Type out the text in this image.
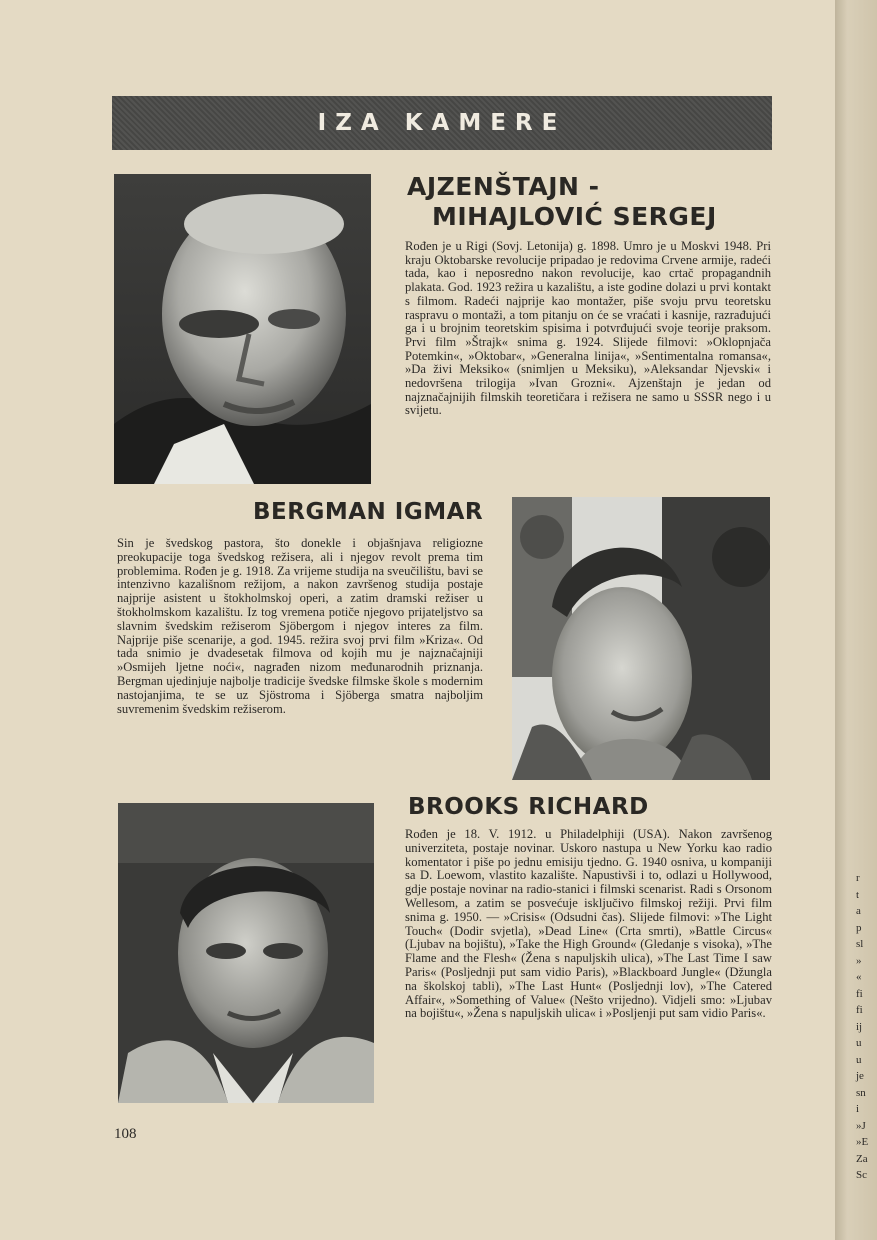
r
t
a
p
sl
»
«
fi
fi
ij
u
u
je
sn
i
»J
»E
Za
Sc
IZA KAMERE
AJZENŠTAJN -
MIHAJLOVIĆ SERGEJ

Rođen je u Rigi (Sovj. Letonija) g. 1898. Umro je u Moskvi 1948. Pri kraju Oktobarske revolucije pripadao je redovima Crvene armije, radeći tada, kao i neposredno nakon revolucije, kao crtač propagandnih plakata. God. 1923 režira u kazalištu, a iste godine dolazi u prvi kontakt s filmom. Radeći najprije kao montažer, piše svoju prvu teoretsku raspravu o montaži, a tom pitanju on će se vraćati i kasnije, razrađujući ga i u brojnim teoretskim spisima i potvrđujući svoje teorije praksom. Prvi film »Štrajk« snima g. 1924. Slijede filmovi: »Oklopnjača Potemkin«, »Oktobar«, »Generalna linija«, »Sentimentalna romansa«, »Da živi Meksiko« (snimljen u Meksiku), »Aleksandar Njevski« i nedovršena trilogija »Ivan Grozni«. Ajzenštajn je jedan od najznačajnijih filmskih teoretičara i režisera ne samo u SSSR nego i u svijetu.

BERGMAN IGMAR

Sin je švedskog pastora, što donekle i objašnjava religiozne preokupacije toga švedskog režisera, ali i njegov revolt prema tim problemima. Rođen je g. 1918. Za vrijeme studija na sveučilištu, bavi se intenzivno kazališnom režijom, a nakon završenog studija postaje najprije asistent u štokholmskoj operi, a zatim dramski režiser u štokholmskom kazalištu. Iz tog vremena potiče njegovo prijateljstvo sa slavnim švedskim režiserom Sjöbergom i njegov interes za film. Najprije piše scenarije, a god. 1945. režira svoj prvi film »Kriza«. Od tada snimio je dvadesetak filmova od kojih mu je najznačajniji »Osmijeh ljetne noći«, nagrađen nizom međunarodnih priznanja. Bergman ujedinjuje najbolje tradicije švedske filmske škole s modernim nastojanjima, te se uz Sjöstroma i Sjöberga smatra najboljim suvremenim švedskim režiserom.

BROOKS RICHARD

Rođen je 18. V. 1912. u Philadelphiji (USA). Nakon završenog univerziteta, postaje novinar. Uskoro nastupa u New Yorku kao radio komentator i piše po jednu emisiju tjedno. G. 1940 osniva, u kompaniji sa D. Loewom, vlastito kazalište. Napustivši i to, odlazi u Hollywood, gdje postaje novinar na radio-stanici i filmski scenarist. Radi s Orsonom Wellesom, a zatim se posvećuje isključivo filmskoj režiji. Prvi film snima g. 1950. — »Crisis« (Odsudni čas). Slijede filmovi: »The Light Touch« (Dodir svjetla), »Dead Line« (Crta smrti), »Battle Circus« (Ljubav na bojištu), »Take the High Ground« (Gledanje s visoka), »The Flame and the Flesh« (Žena s napuljskih ulica), »The Last Time I saw Paris« (Posljednji put sam vidio Paris), »Blackboard Jungle« (Džungla na školskoj tabli), »The Last Hunt« (Posljednji lov), »The Catered Affair«, »Something of Value« (Nešto vrijedno). Vidjeli smo: »Ljubav na bojištu«, »Žena s napuljskih ulica« i »Posljenji put sam vidio Paris«.

108
